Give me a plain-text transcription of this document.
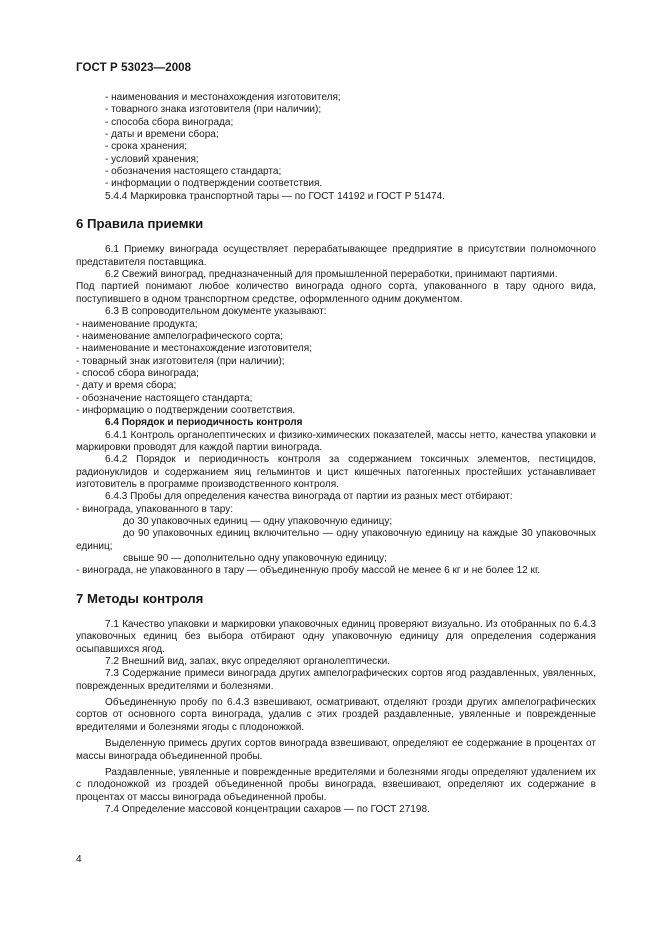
ГОСТ Р 53023—2008

- наименования и местонахождения изготовителя;

- товарного знака изготовителя (при наличии);

- способа сбора винограда;

- даты и времени сбора;

- срока хранения;

- условий хранения;

- обозначения настоящего стандарта;

- информации о подтверждении соответствия.

5.4.4 Маркировка транспортной тары — по ГОСТ 14192 и ГОСТ Р 51474.

6 Правила приемки

6.1 Приемку винограда осуществляет перерабатывающее предприятие в присутствии полномочного представителя поставщика.

6.2 Свежий виноград, предназначенный для промышленной переработки, принимают партиями.

Под партией понимают любое количество винограда одного сорта, упакованного в тару одного вида, поступившего в одном транспортном средстве, оформленного одним документом.

6.3 В сопроводительном документе указывают:

- наименование продукта;

- наименование ампелографического сорта;

- наименование и местонахождение изготовителя;

- товарный знак изготовителя (при наличии);

- способ сбора винограда;

- дату и время сбора;

- обозначение настоящего стандарта;

- информацию о подтверждении соответствия.

6.4 Порядок и периодичность контроля

6.4.1 Контроль органолептических и физико-химических показателей, массы нетто, качества упаковки и маркировки проводят для каждой партии винограда.

6.4.2 Порядок и периодичность контроля за содержанием токсичных элементов, пестицидов, радионуклидов и содержанием яиц гельминтов и цист кишечных патогенных простейших устанавливает изготовитель в программе производственного контроля.

6.4.3 Пробы для определения качества винограда от партии из разных мест отбирают:

- винограда, упакованного в тару:

до 30 упаковочных единиц — одну упаковочную единицу;

до 90 упаковочных единиц включительно — одну упаковочную единицу на каждые 30 упаковочных единиц;

свыше 90 — дополнительно одну упаковочную единицу;

- винограда, не упакованного в тару — объединенную пробу массой не менее 6 кг и не более 12 кг.

7 Методы контроля

7.1 Качество упаковки и маркировки упаковочных единиц проверяют визуально. Из отобранных по 6.4.3 упаковочных единиц без выбора отбирают одну упаковочную единицу для определения содержания осыпавшихся ягод.

7.2 Внешний вид, запах, вкус определяют органолептически.

7.3 Содержание примеси винограда других ампелографических сортов ягод раздавленных, увяленных, поврежденных вредителями и болезнями.

Объединенную пробу по 6.4.3 взвешивают, осматривают, отделяют грозди других ампелографических сортов от основного сорта винограда, удалив с этих гроздей раздавленные, увяленные и поврежденные вредителями и болезнями ягоды с плодоножкой.

Выделенную примесь других сортов винограда взвешивают, определяют ее содержание в процентах от массы винограда объединенной пробы.

Раздавленные, увяленные и поврежденные вредителями и болезнями ягоды определяют удалением их с плодоножкой из гроздей объединенной пробы винограда, взвешивают, определяют их содержание в процентах от массы винограда объединенной пробы.

7.4 Определение массовой концентрации сахаров — по ГОСТ 27198.

4
